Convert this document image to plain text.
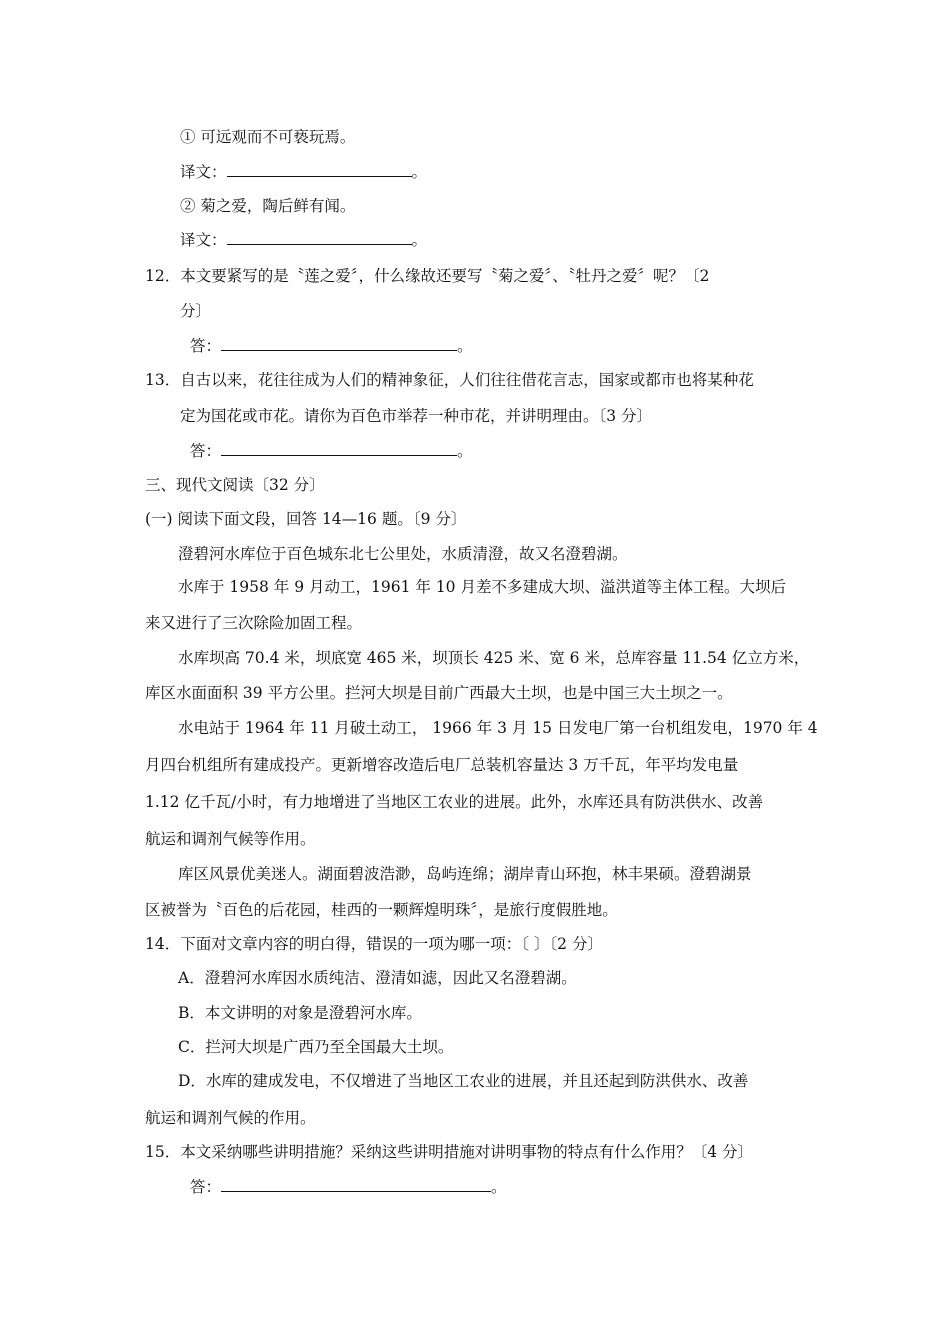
① 可远观而不可亵玩焉。
译文：	。
② 菊之爱，陶后鲜有闻。
译文：	。
12．本文要紧写的是〝莲之爱〞，什么缘故还要写〝菊之爱〞、〝牡丹之爱〞呢？〔2
分〕
答：	。
13．自古以来，花往往成为人们的精神象征，人们往往借花言志，国家或都市也将某种花
定为国花或市花。请你为百色市举荐一种市花，并讲明理由。〔3 分〕
答：	。
三、现代文阅读〔32 分〕
(一) 阅读下面文段，回答 14—16 题。〔9 分〕
澄碧河水库位于百色城东北七公里处，水质清澄，故又名澄碧湖。
水库于 1958 年 9 月动工，1961 年 10 月差不多建成大坝、溢洪道等主体工程。大坝后
来又进行了三次除险加固工程。
水库坝高 70.4 米，坝底宽 465 米，坝顶长 425 米、宽 6 米，总库容量 11.54 亿立方米，
库区水面面积 39 平方公里。拦河大坝是目前广西最大土坝，也是中国三大土坝之一。
水电站于 1964 年 11 月破土动工， 1966 年 3 月 15 日发电厂第一台机组发电，1970 年 4
月四台机组所有建成投产。更新增容改造后电厂总装机容量达 3 万千瓦，年平均发电量
1.12 亿千瓦/小时，有力地增进了当地区工农业的进展。此外，水库还具有防洪供水、改善
航运和调剂气候等作用。
库区风景优美迷人。湖面碧波浩渺，岛屿连绵；湖岸青山环抱，林丰果硕。澄碧湖景
区被誉为〝百色的后花园，桂西的一颗辉煌明珠〞，是旅行度假胜地。
14．下面对文章内容的明白得，错误的一项为哪一项：〔 〕〔2 分〕
A．澄碧河水库因水质纯洁、澄清如滤，因此又名澄碧湖。
B．本文讲明的对象是澄碧河水库。
C．拦河大坝是广西乃至全国最大土坝。
D．水库的建成发电，不仅增进了当地区工农业的进展，并且还起到防洪供水、改善
航运和调剂气候的作用。
15．本文采纳哪些讲明措施？采纳这些讲明措施对讲明事物的特点有什么作用？〔4 分〕
答：	。
